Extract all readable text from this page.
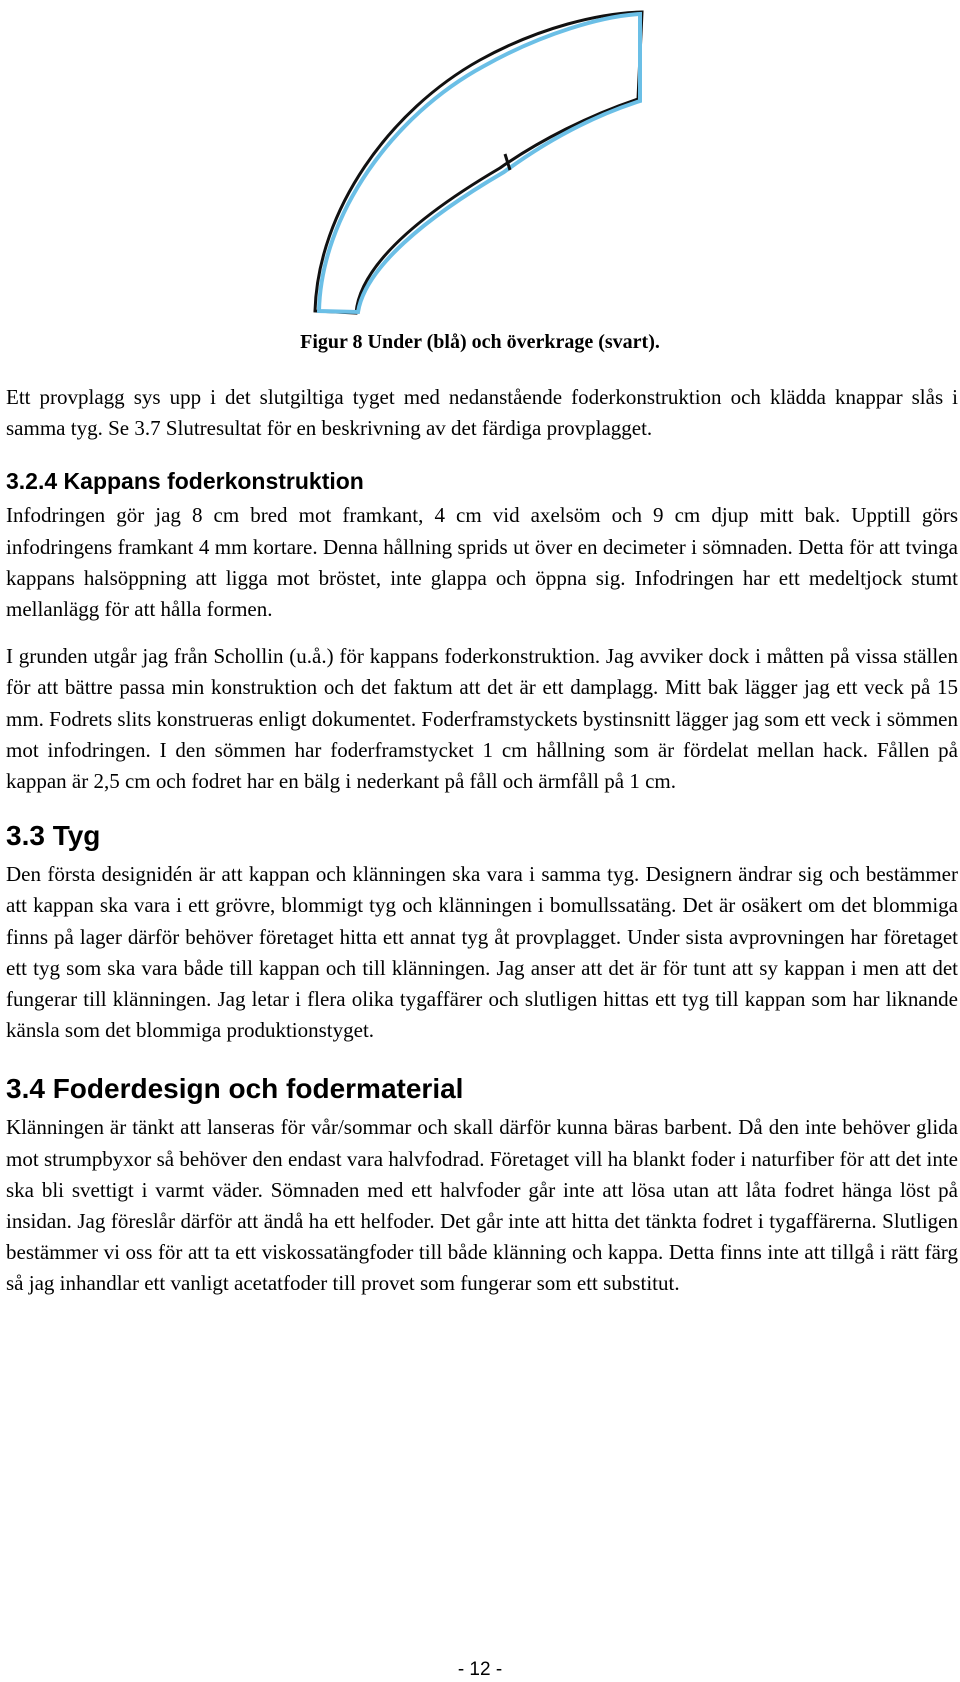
Figur 8 Under (blå) och överkrage (svart).

Ett provplagg sys upp i det slutgiltiga tyget med nedanstående foderkonstruktion och klädda knappar slås i samma tyg. Se 3.7 Slutresultat för en beskrivning av det färdiga provplagget.

3.2.4 Kappans foderkonstruktion

Infodringen gör jag 8 cm bred mot framkant, 4 cm vid axelsöm och 9 cm djup mitt bak. Upptill görs infodringens framkant 4 mm kortare. Denna hållning sprids ut över en decimeter i sömnaden. Detta för att tvinga kappans halsöppning att ligga mot bröstet, inte glappa och öppna sig. Infodringen har ett medeltjock stumt mellanlägg för att hålla formen.

I grunden utgår jag från Schollin (u.å.) för kappans foderkonstruktion. Jag avviker dock i måtten på vissa ställen för att bättre passa min konstruktion och det faktum att det är ett damplagg. Mitt bak lägger jag ett veck på 15 mm. Fodrets slits konstrueras enligt dokumentet. Foderframstyckets bystinsnitt lägger jag som ett veck i sömmen mot infodringen. I den sömmen har foderframstycket 1 cm hållning som är fördelat mellan hack. Fållen på kappan är 2,5 cm och fodret har en bälg i nederkant på fåll och ärmfåll på 1 cm.

3.3 Tyg

Den första designidén är att kappan och klänningen ska vara i samma tyg. Designern ändrar sig och bestämmer att kappan ska vara i ett grövre, blommigt tyg och klänningen i bomullssatäng. Det är osäkert om det blommiga finns på lager därför behöver företaget hitta ett annat tyg åt provplagget. Under sista avprovningen har företaget ett tyg som ska vara både till kappan och till klänningen. Jag anser att det är för tunt att sy kappan i men att det fungerar till klänningen. Jag letar i flera olika tygaffärer och slutligen hittas ett tyg till kappan som har liknande känsla som det blommiga produktionstyget.

3.4 Foderdesign och fodermaterial

Klänningen är tänkt att lanseras för vår/sommar och skall därför kunna bäras barbent. Då den inte behöver glida mot strumpbyxor så behöver den endast vara halvfodrad. Företaget vill ha blankt foder i naturfiber för att det inte ska bli svettigt i varmt väder. Sömnaden med ett halvfoder går inte att lösa utan att låta fodret hänga löst på insidan. Jag föreslår därför att ändå ha ett helfoder. Det går inte att hitta det tänkta fodret i tygaffärerna. Slutligen bestämmer vi oss för att ta ett viskossatängfoder till både klänning och kappa. Detta finns inte att tillgå i rätt färg så jag inhandlar ett vanligt acetatfoder till provet som fungerar som ett substitut.

- 12 -
